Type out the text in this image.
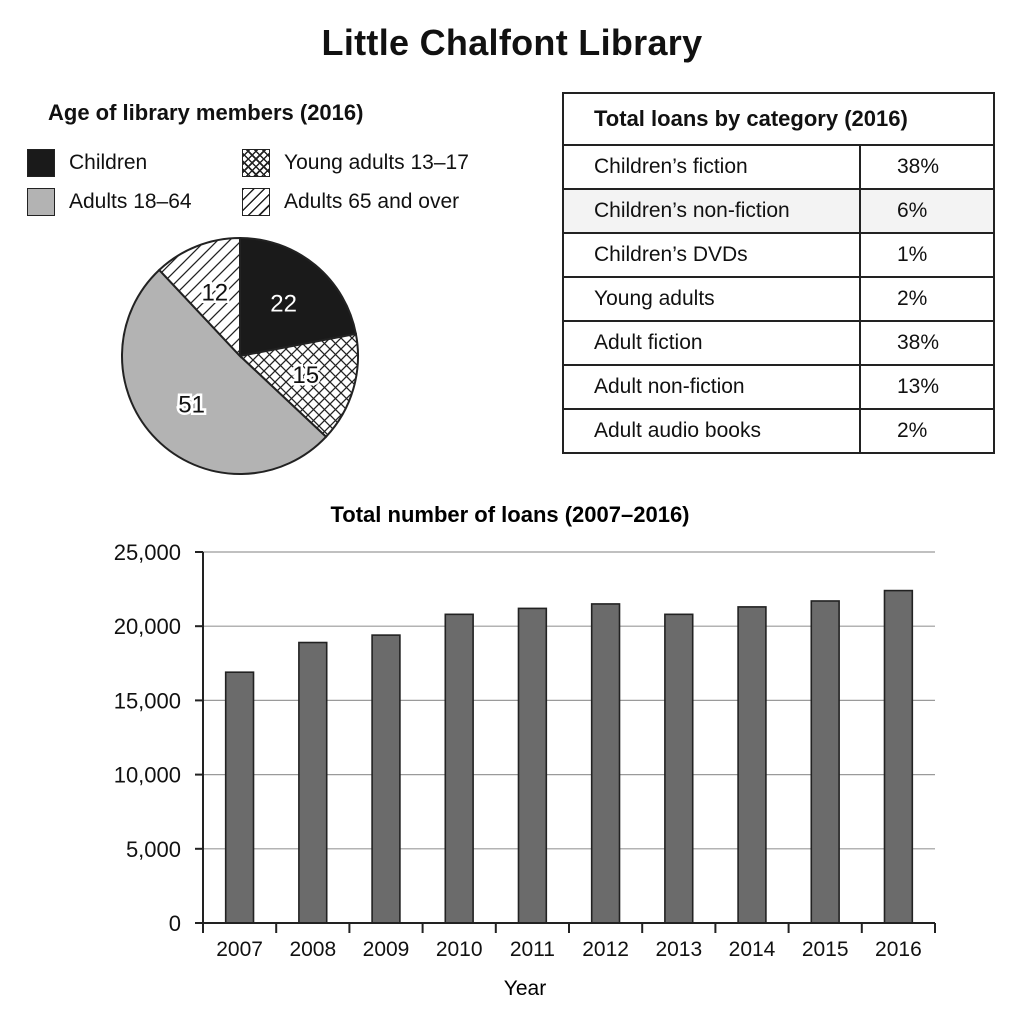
Little Chalfont Library
Age of library members (2016)
Children	Young adults 13–17
Adults 18–64	Adults 65 and over
22
15
51
12
Total loans by category (2016)	
Children’s fiction	38%
Children’s non-fiction	6%
Children’s DVDs	1%
Young adults	2%
Adult fiction	38%
Adult non-fiction	13%
Adult audio books	2%
Total number of loans (2007–2016)
0
5,000
10,000
15,000
20,000
25,000
2007 2008 2009 2010 2011 2012 2013 2014 2015 2016
Year
